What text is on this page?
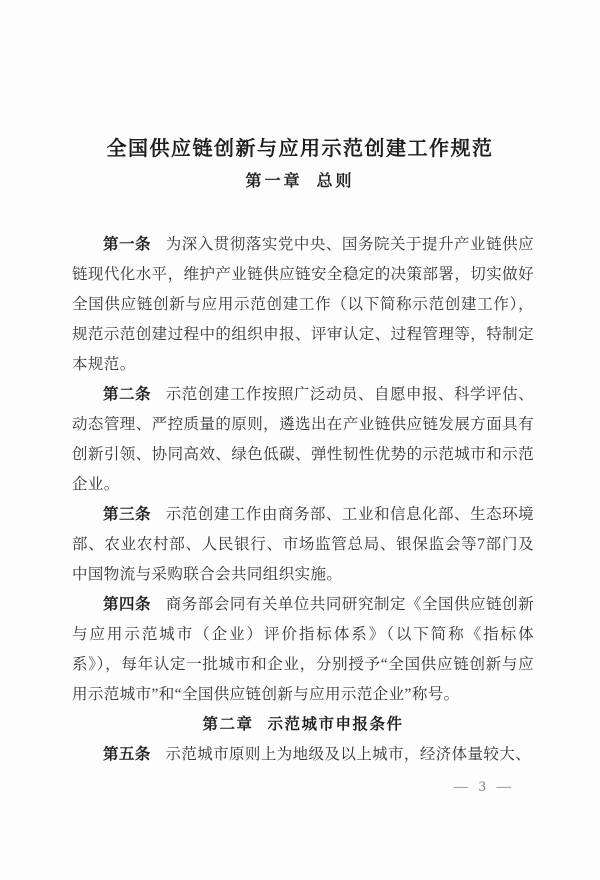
全国供应链创新与应用示范创建工作规范
第一章 总则

第一条 为深入贯彻落实党中央、国务院关于提升产业链供应链现代化水平，维护产业链供应链安全稳定的决策部署，切实做好全国供应链创新与应用示范创建工作（以下简称示范创建工作），规范示范创建过程中的组织申报、评审认定、过程管理等，特制定本规范。

第二条 示范创建工作按照广泛动员、自愿申报、科学评估、动态管理、严控质量的原则，遴选出在产业链供应链发展方面具有创新引领、协同高效、绿色低碳、弹性韧性优势的示范城市和示范企业。

第三条 示范创建工作由商务部、工业和信息化部、生态环境部、农业农村部、人民银行、市场监管总局、银保监会等7部门及中国物流与采购联合会共同组织实施。

第四条 商务部会同有关单位共同研究制定《全国供应链创新与应用示范城市（企业）评价指标体系》（以下简称《指标体系》），每年认定一批城市和企业，分别授予“全国供应链创新与应用示范城市”和“全国供应链创新与应用示范企业”称号。

第二章 示范城市申报条件

第五条 示范城市原则上为地级及以上城市，经济体量较大、

— 3 —
